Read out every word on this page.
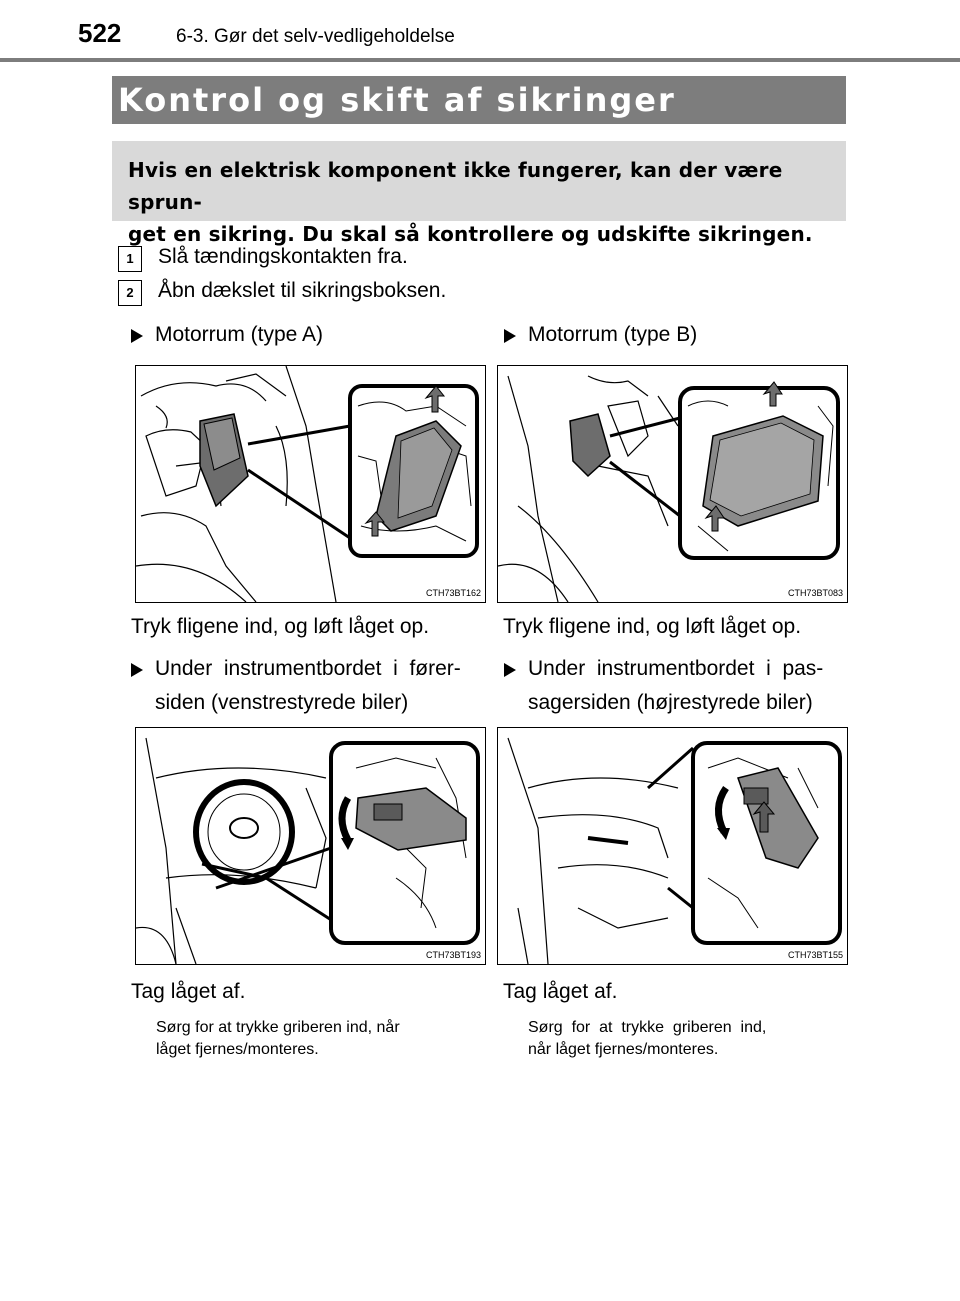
522	6-3. Gør det selv-vedligeholdelse
Kontrol og skift af sikringer
Hvis en elektrisk komponent ikke fungerer, kan der være sprun-
get en sikring. Du skal så kontrollere og udskifte sikringen.
1	Slå tændingskontakten fra.
2	Åbn dækslet til sikringsboksen.
Motorrum (type A)	Motorrum (type B)
CTH73BT162	CTH73BT083
Tryk fligene ind, og løft låget op.	Tryk fligene ind, og løft låget op.
Under  instrumentbordet  i  fører-
siden (venstrestyrede biler)
Under  instrumentbordet  i  pas-
sagersiden (højrestyrede biler)
CTH73BT193	CTH73BT155
Tag låget af.	Tag låget af.
Sørg for at trykke griberen ind, når
låget fjernes/monteres.
Sørg  for  at  trykke  griberen  ind,
når låget fjernes/monteres.
